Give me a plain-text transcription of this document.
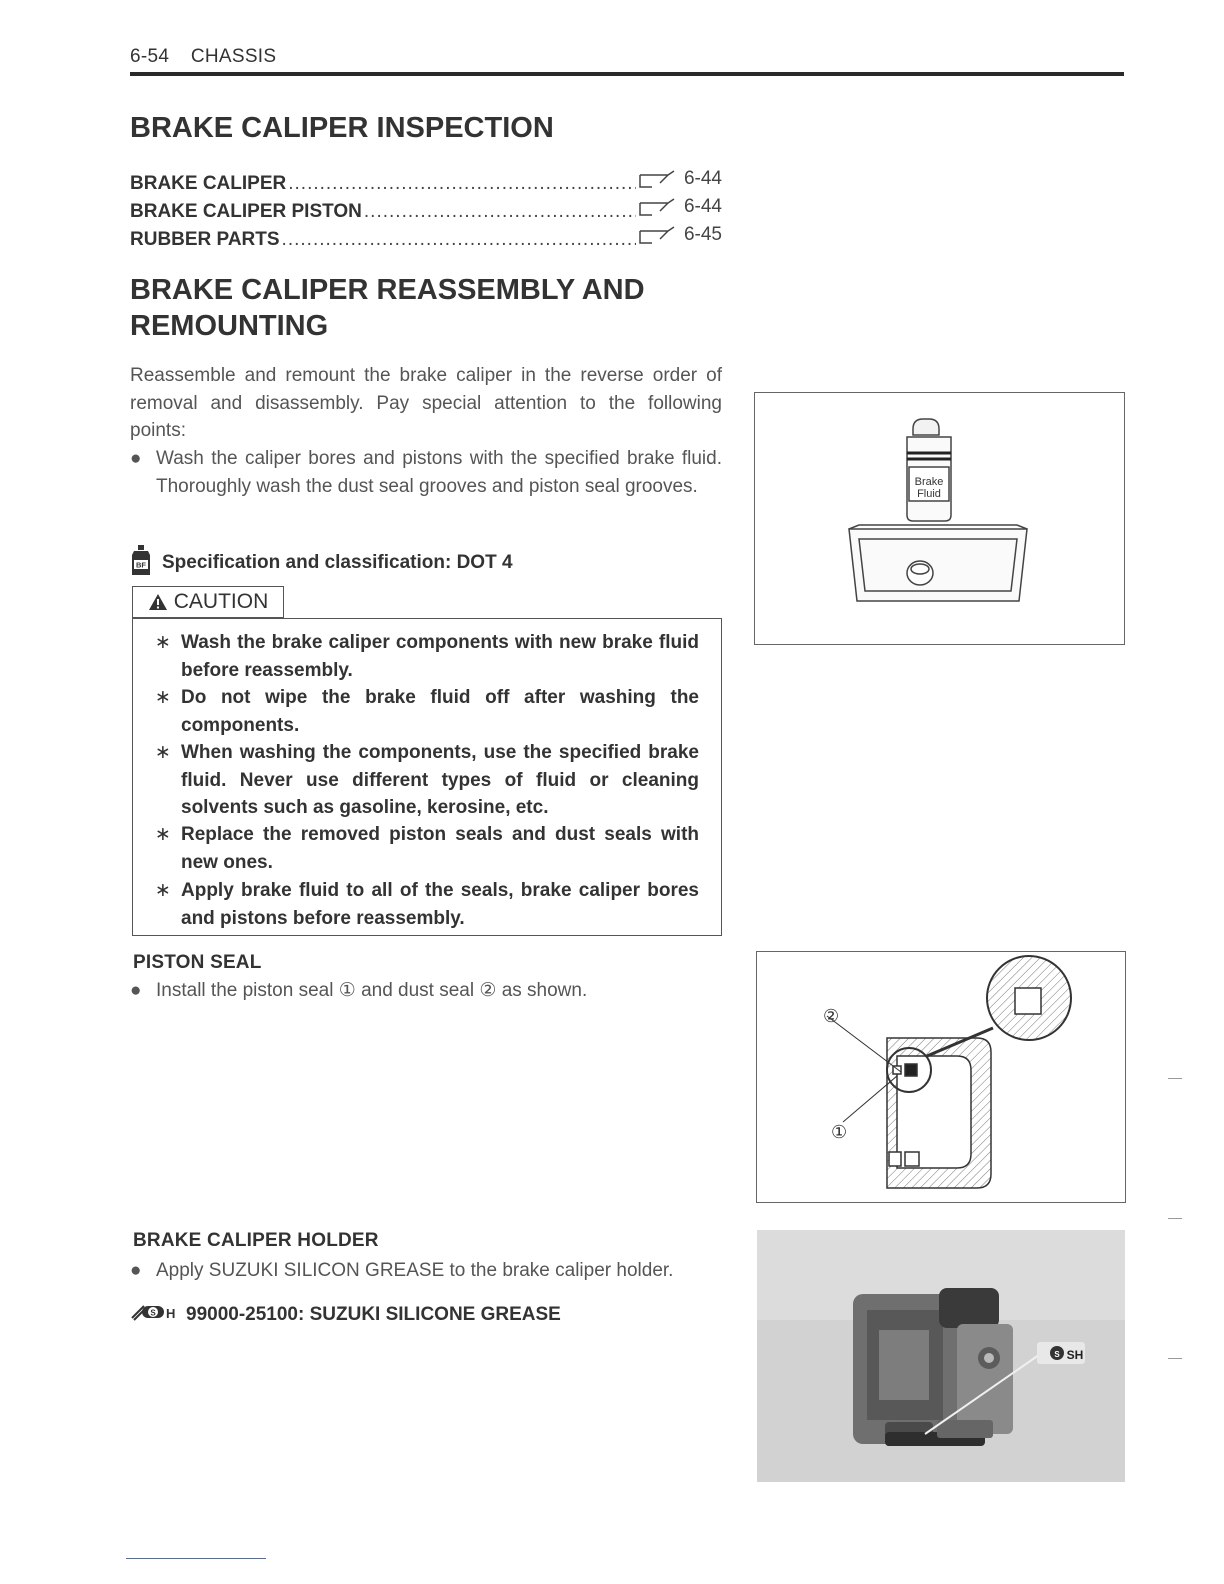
6-54 CHASSIS
BRAKE CALIPER INSPECTION
BRAKE CALIPER .....	6-44
BRAKE CALIPER PISTON .....	6-44
RUBBER PARTS .....	6-45
BRAKE CALIPER REASSEMBLY AND
REMOUNTING
Reassemble and remount the brake caliper in the reverse order of removal and disassembly. Pay special attention to the following points:
● Wash the caliper bores and pistons with the specified brake fluid. Thoroughly wash the dust seal grooves and piston seal grooves.
BF Specification and classification: DOT 4
CAUTION
∗ Wash the brake caliper components with new brake fluid before reassembly.
∗ Do not wipe the brake fluid off after washing the components.
∗ When washing the components, use the specified brake fluid. Never use different types of fluid or cleaning solvents such as gasoline, kerosine, etc.
∗ Replace the removed piston seals and dust seals with new ones.
∗ Apply brake fluid to all of the seals, brake caliper bores and pistons before reassembly.
PISTON SEAL
● Install the piston seal ① and dust seal ② as shown.
BRAKE CALIPER HOLDER
● Apply SUZUKI SILICON GREASE to the brake caliper holder.
S H 99000-25100: SUZUKI SILICONE GREASE
Brake
Fluid
②
①
S SH
